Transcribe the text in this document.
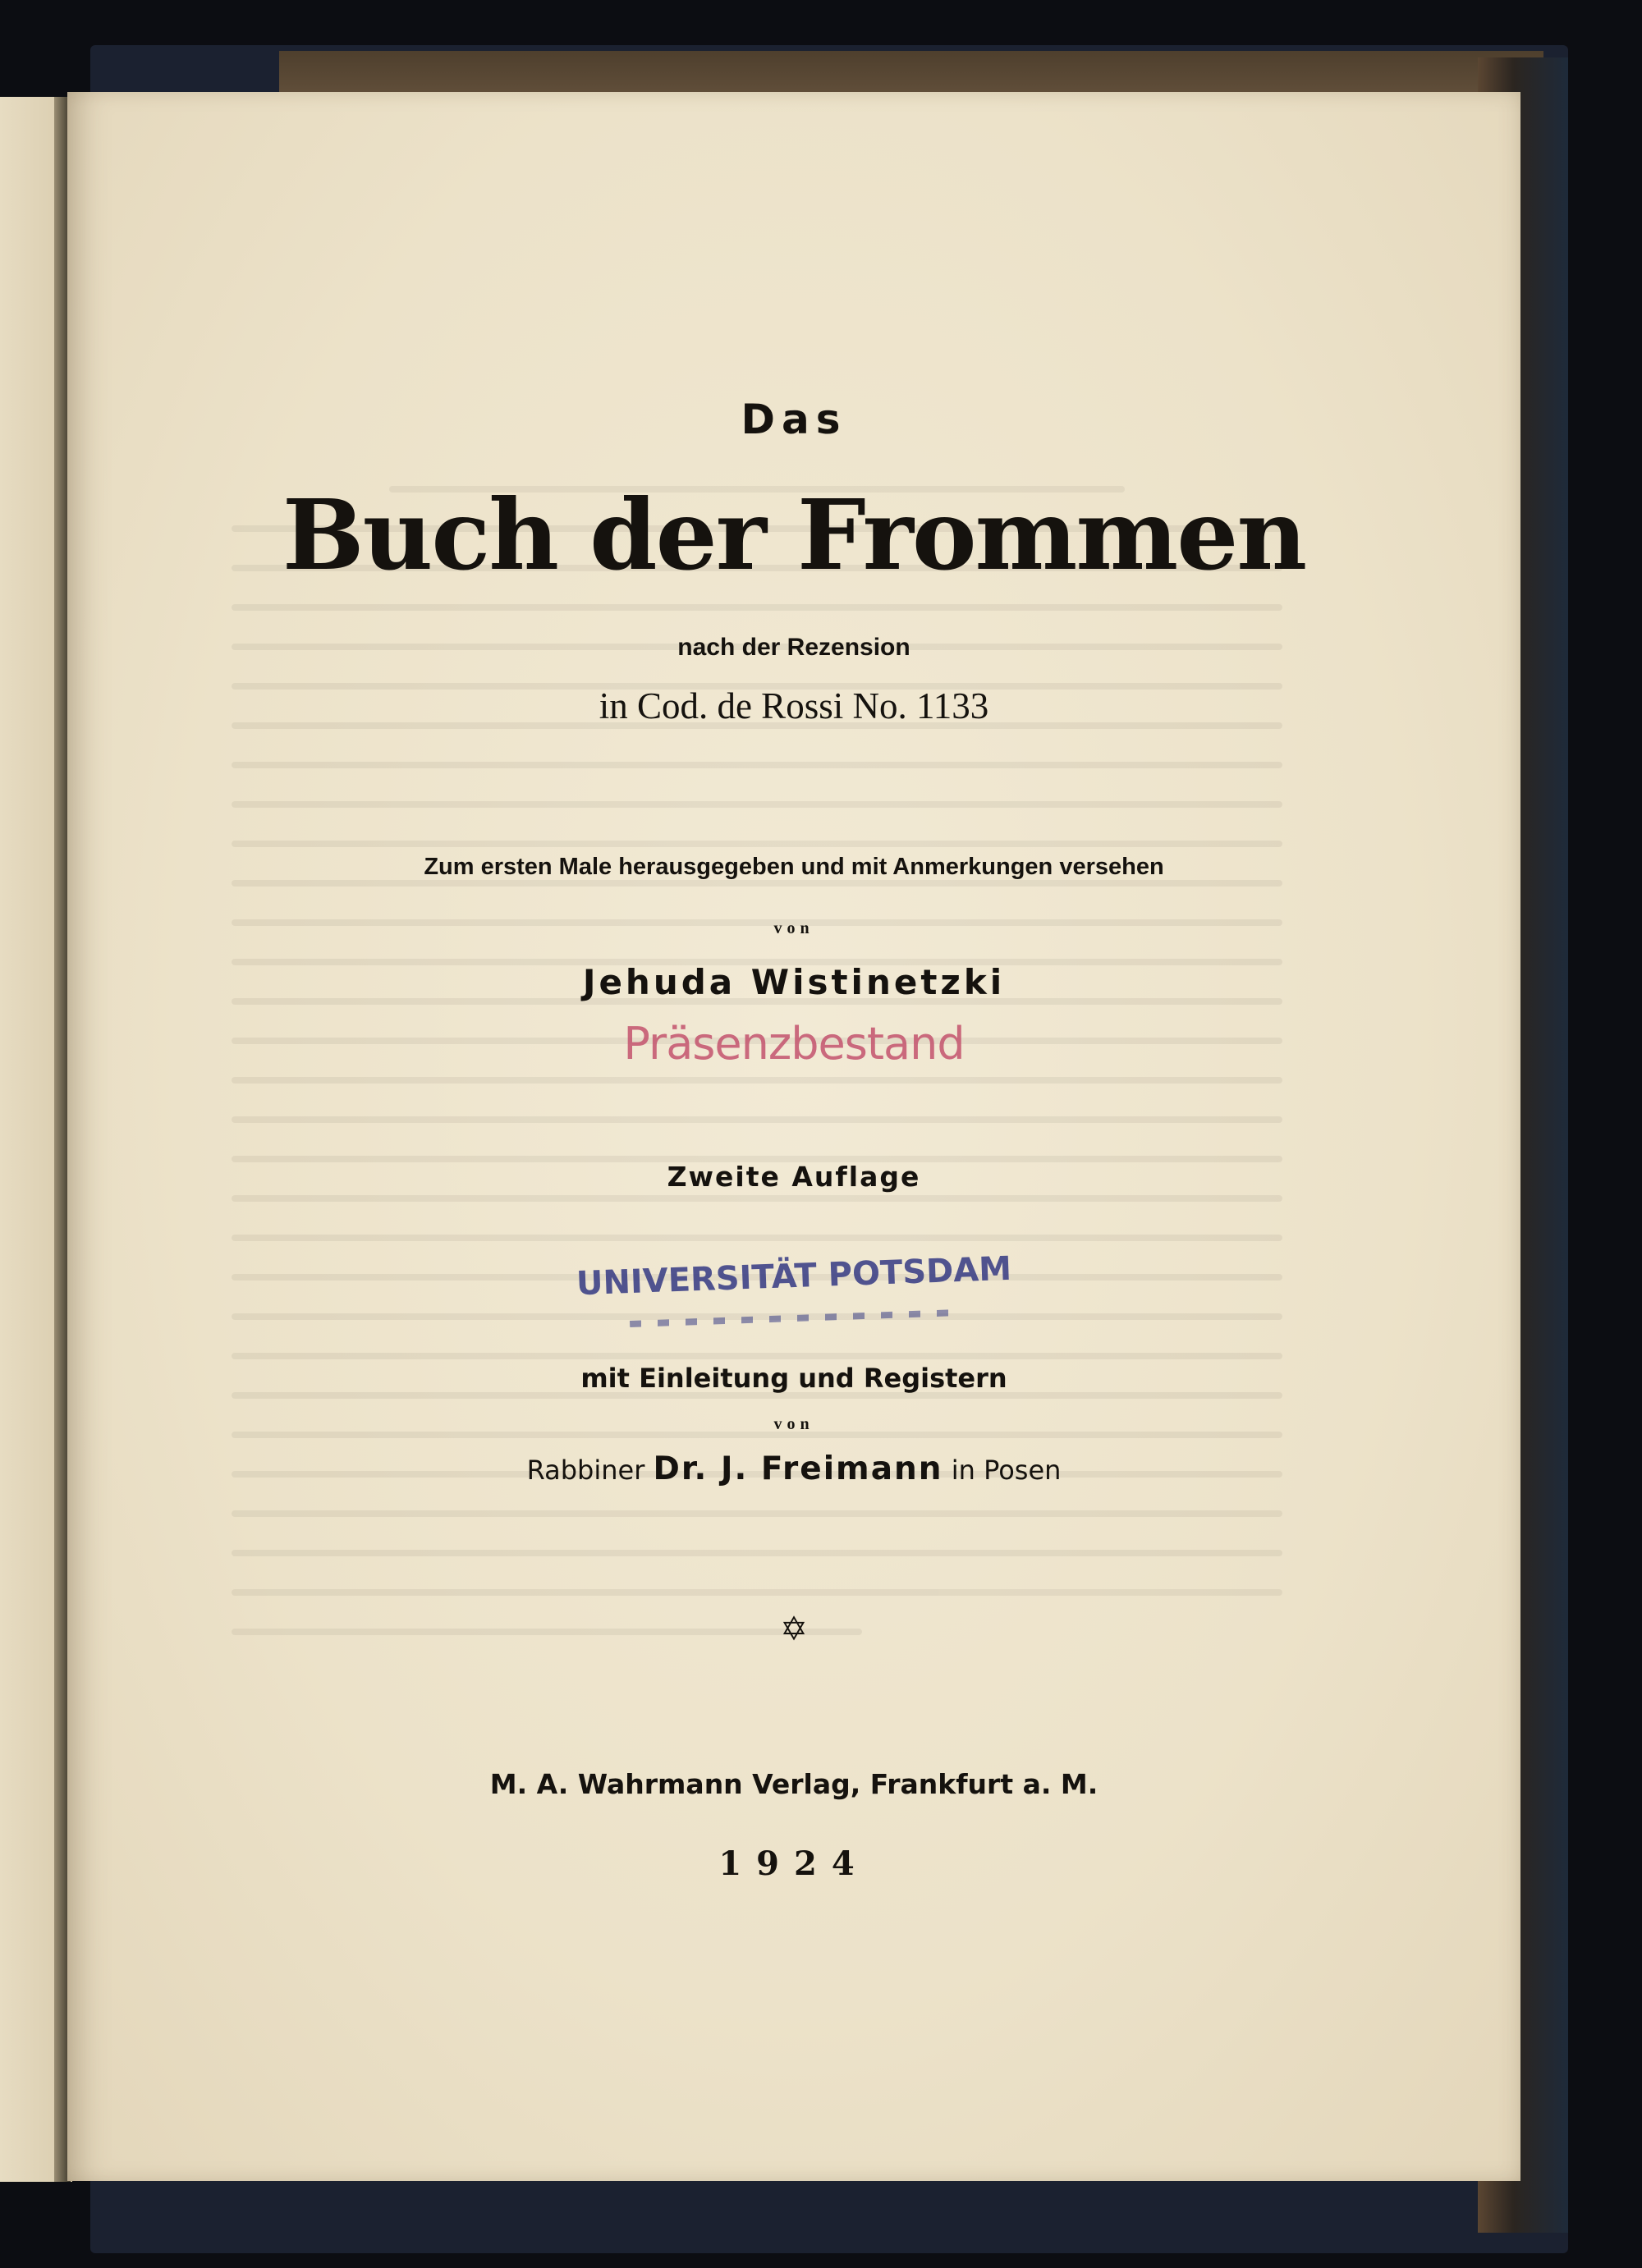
Das
Buch der Frommen
nach der Rezension
in Cod. de Rossi No. 1133
Zum ersten Male herausgegeben und mit Anmerkungen versehen
von
Jehuda Wistinetzki
Präsenzbestand
Zweite Auflage
UNIVERSITÄT POTSDAM
mit Einleitung und Registern
von
Rabbiner Dr. J. Freimann in Posen
✡
M. A. Wahrmann Verlag, Frankfurt a. M.
1924
